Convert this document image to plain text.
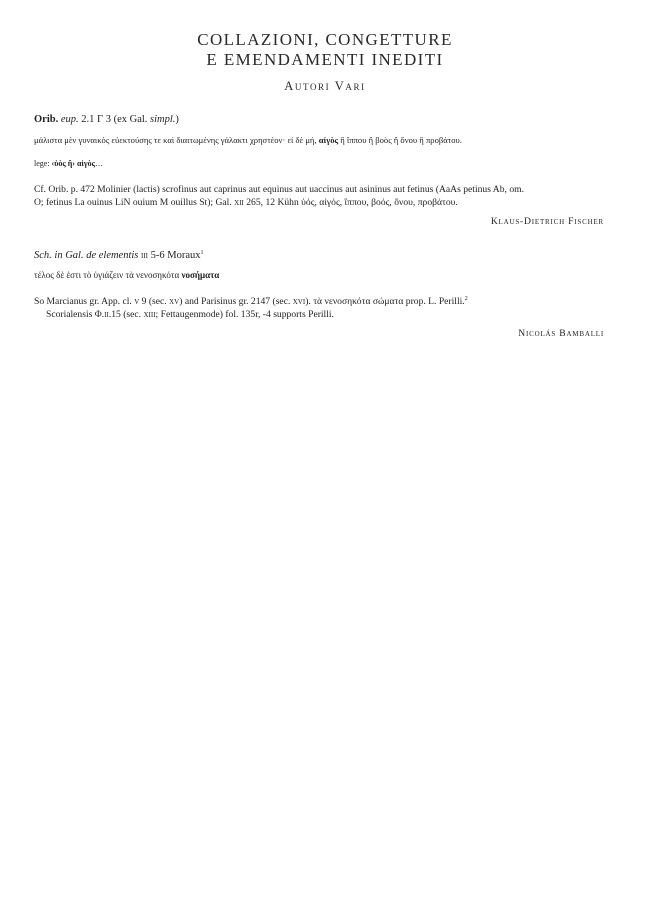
COLLAZIONI, CONGETTURE
E EMENDAMENTI INEDITI
Autori Vari
Orib. eup. 2.1 Γ 3 (ex Gal. simpl.)
μάλιστα μὲν γυναικὸς εὐεκτούσης τε καὶ διαιτωμένης γάλακτι χρηστέον· εἰ δὲ μή, αἰγὸς ἢ ἵππου ἢ βοὸς ἢ ὄνου ἢ προβάτου.
lege: ‹ὑὸς ἢ› αἰγὸς…
Cf. Orib. p. 472 Molinier (lactis) scrofinus aut caprinus aut equinus aut uaccinus aut asininus aut fetinus (AaAs petinus Ab, om.
O; fetinus La ouinus LiN ouium M ouillus St); Gal. xii 265, 12 Kühn ὑός, αἰγός, ἵππου, βοός, ὄνου, προβάτου.
Klaus-Dietrich Fischer
Sch. in Gal. de elementis iii 5-6 Moraux$^1$
τέλος δὲ ἐστι τὸ ὑγιάζειν τὰ νενοσηκότα νοσήματα
So Marcianus gr. App. cl. v 9 (sec. xv) and Parisinus gr. 2147 (sec. xvi). τὰ νενοσηκότα σώματα prop. L. Perilli.$^2$
Scorialensis Φ.ii.15 (sec. xiii; Fettaugenmode) fol. 135r, -4 supports Perilli.
Nicolás Bamballi
